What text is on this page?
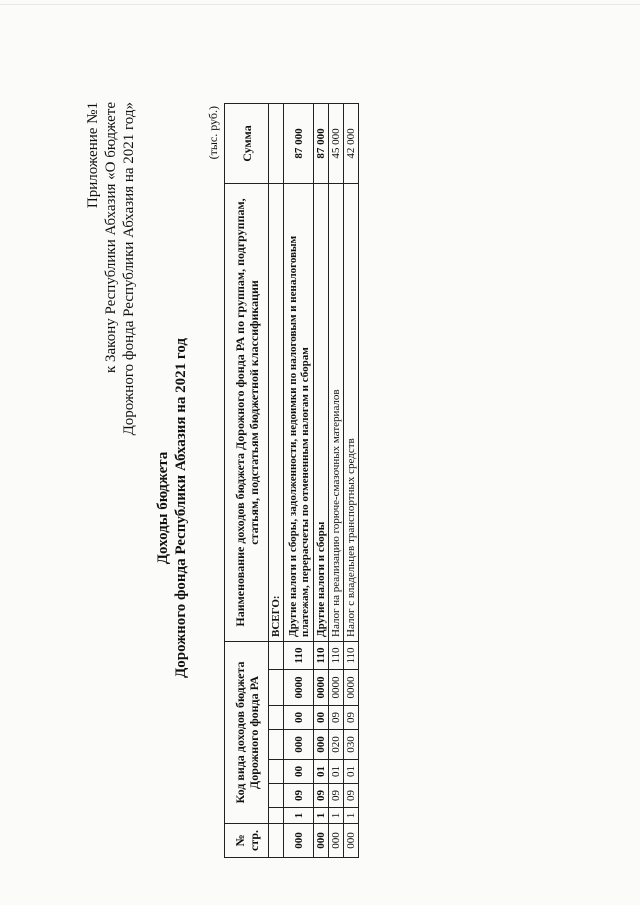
Приложение №1 к Закону Республики Абхазия «О бюджете Дорожного фонда Республики Абхазия на 2021 год»
Доходы бюджета Дорожного фонда Республики Абхазия на 2021 год
(тыс. руб.)
№ стр.	Код вида доходов бюджета Дорожного фонда РА							Наименование доходов бюджета Дорожного фонда РА по группам, подгруппам, статьям, подстатьям бюджетной классификации	Сумма
								ВСЕГО:	
000	1	09	00	000	00	0000	110	Другие налоги и сборы, задолженности, недоимки по налоговым и неналоговым платежам, перерасчеты по отмененным налогам и сборам	87 000
000	1	09	01	000	00	0000	110	Другие налоги и сборы	87 000
000	1	09	01	020	09	0000	110	Налог на реализацию горюче-смазочных материалов	45 000
000	1	09	01	030	09	0000	110	Налог с владельцев транспортных средств	42 000
